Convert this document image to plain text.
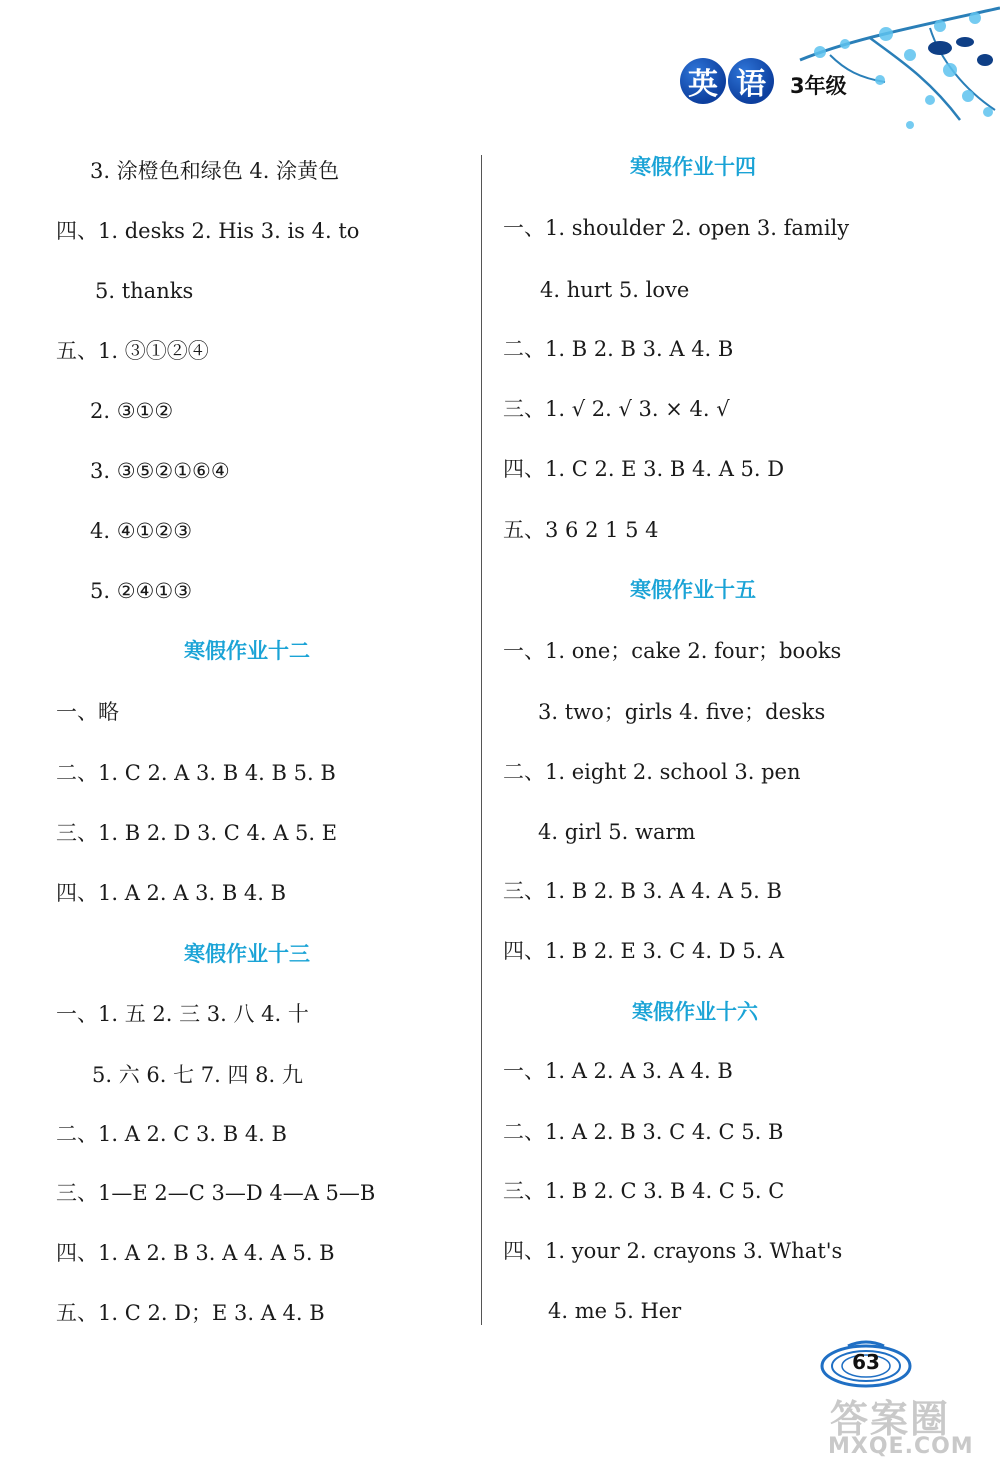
英 语	3年级
3. 涂橙色和绿色 4. 涂黄色
四、1. desks 2. His 3. is 4. to
5. thanks
五、1. ③①②④
2. ③①②
3. ③⑤②①⑥④
4. ④①②③
5. ②④①③
寒假作业十二
一、略
二、1. C 2. A 3. B 4. B 5. B
三、1. B 2. D 3. C 4. A 5. E
四、1. A 2. A 3. B 4. B
寒假作业十三
一、1. 五 2. 三 3. 八 4. 十
5. 六 6. 七 7. 四 8. 九
二、1. A 2. C 3. B 4. B
三、1—E 2—C 3—D 4—A 5—B
四、1. A 2. B 3. A 4. A 5. B
五、1. C 2. D；E 3. A 4. B
寒假作业十四
一、1. shoulder 2. open 3. family
4. hurt 5. love
二、1. B 2. B 3. A 4. B
三、1. √ 2. √ 3. × 4. √
四、1. C 2. E 3. B 4. A 5. D
五、3 6 2 1 5 4
寒假作业十五
一、1. one；cake 2. four；books
3. two；girls 4. five；desks
二、1. eight 2. school 3. pen
4. girl 5. warm
三、1. B 2. B 3. A 4. A 5. B
四、1. B 2. E 3. C 4. D 5. A
寒假作业十六
一、1. A 2. A 3. A 4. B
二、1. A 2. B 3. C 4. C 5. B
三、1. B 2. C 3. B 4. C 5. C
四、1. your 2. crayons 3. What's
4. me 5. Her
63
答案圈
MXQE.COM
